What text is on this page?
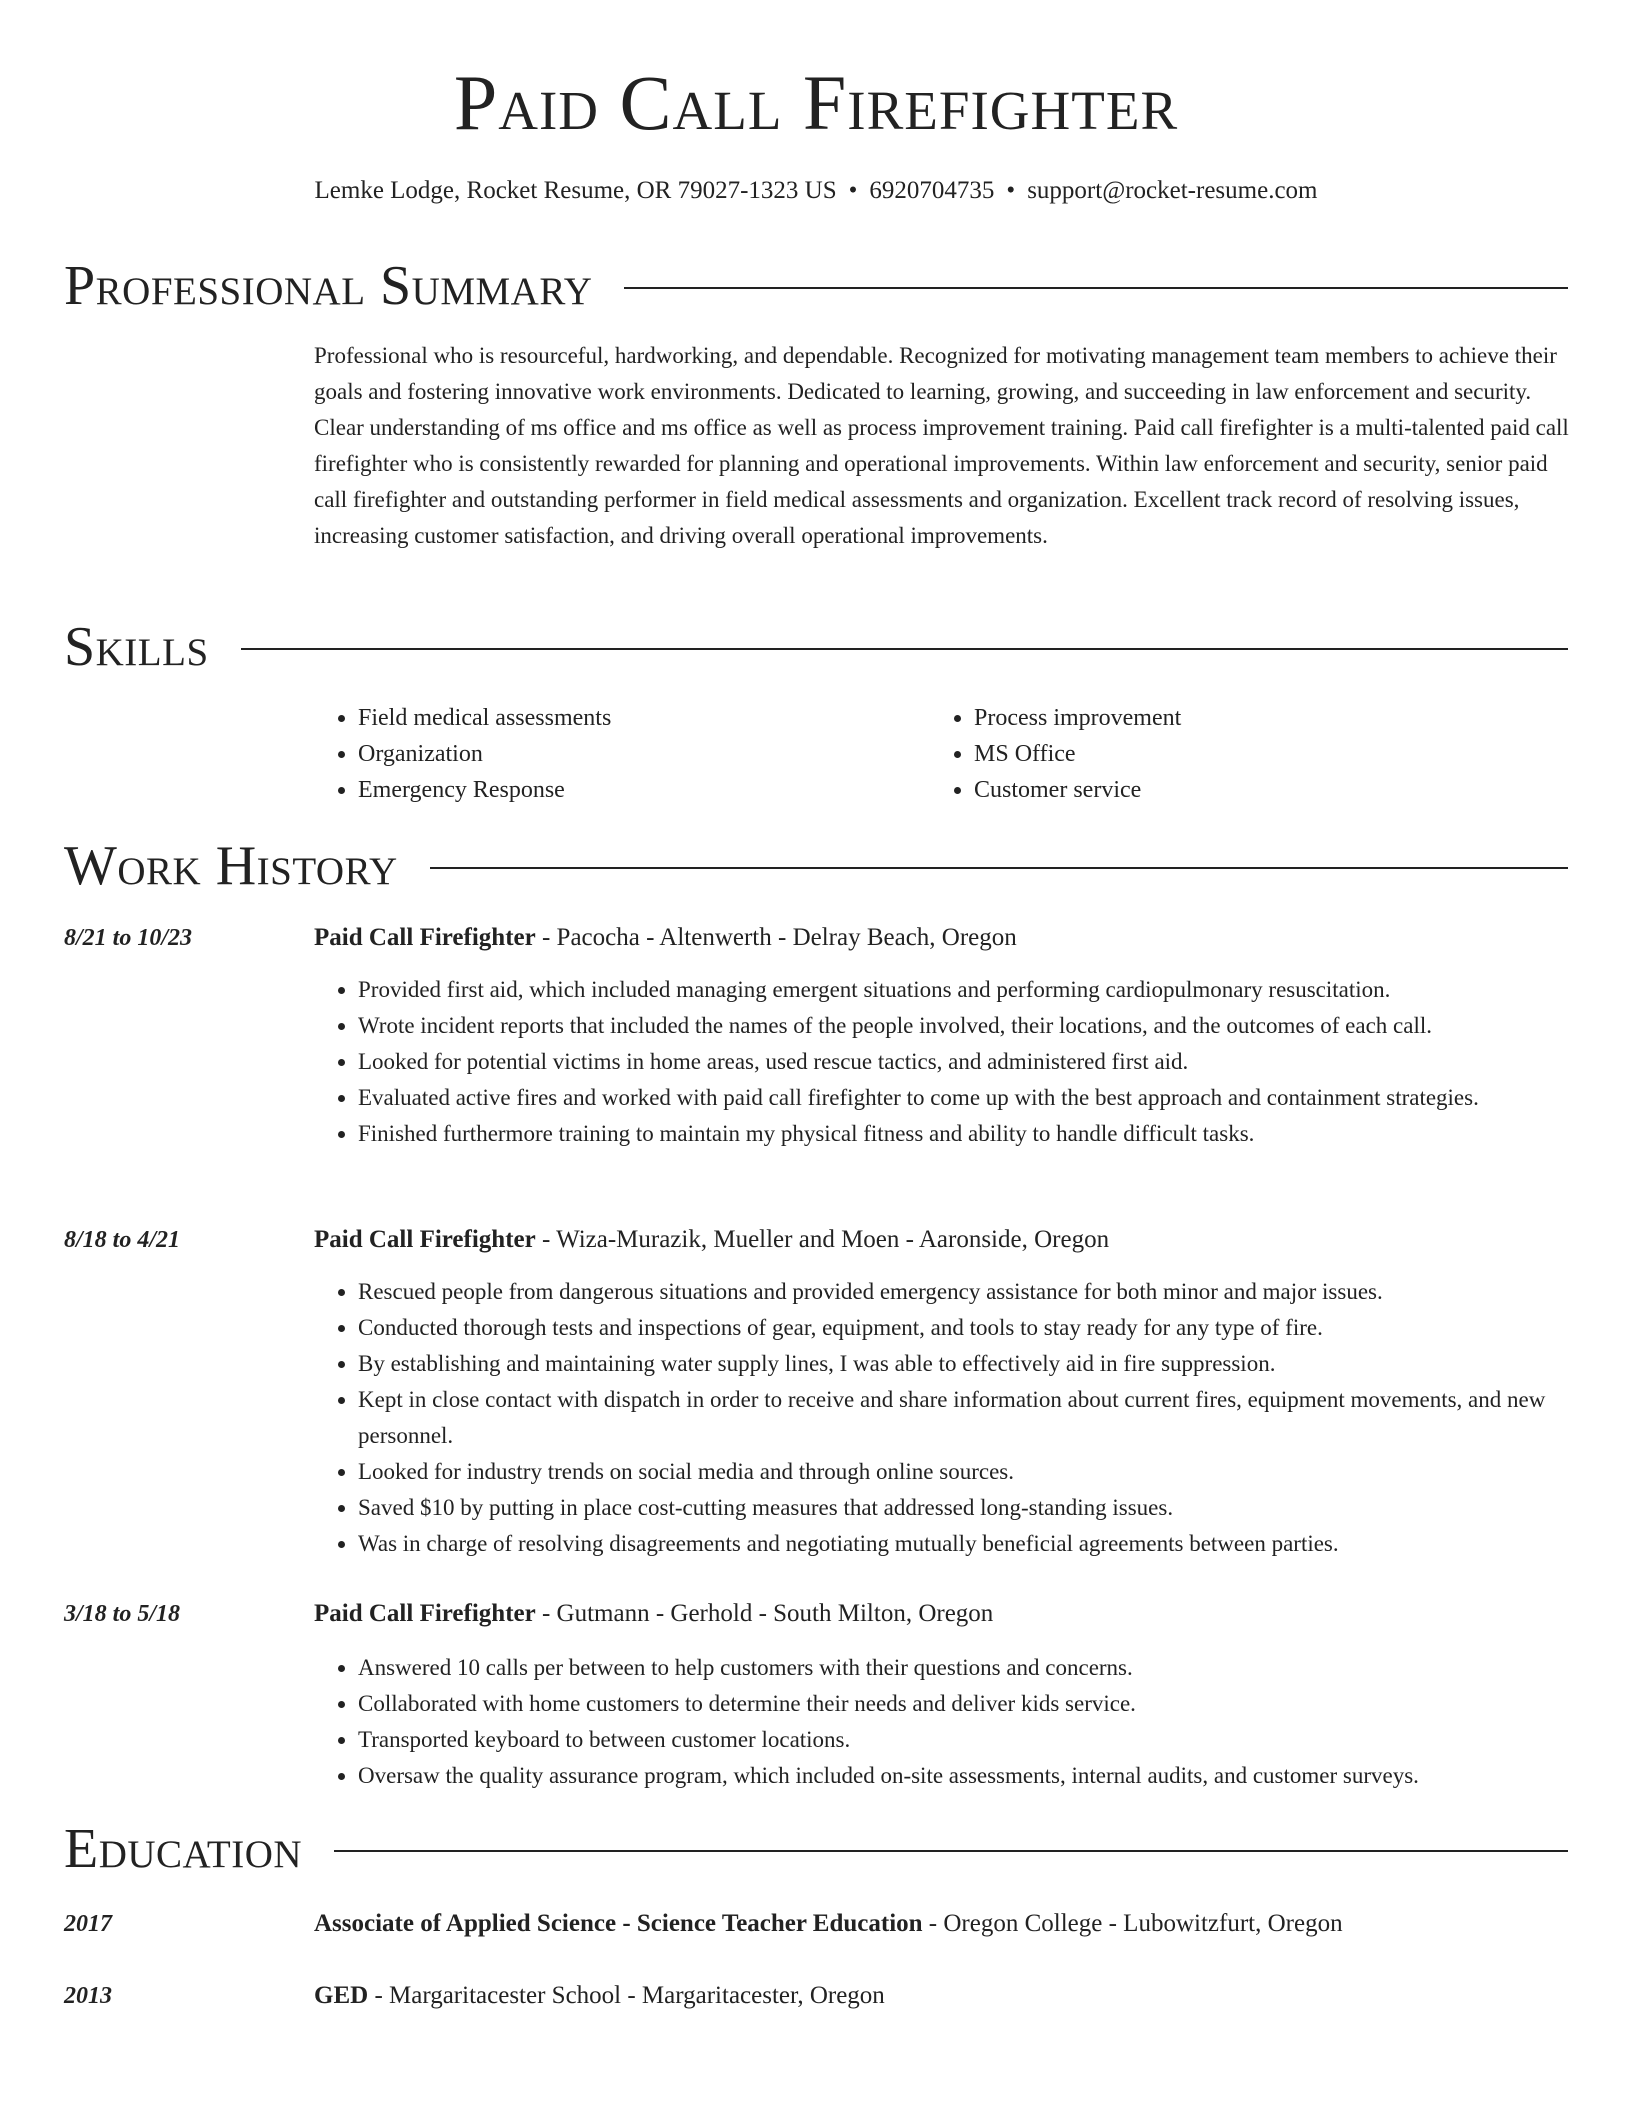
Paid Call Firefighter
Lemke Lodge, Rocket Resume, OR 79027-1323 US • 6920704735 • support@rocket-resume.com
Professional Summary

Professional who is resourceful, hardworking, and dependable. Recognized for motivating management team members to achieve their goals and fostering innovative work environments. Dedicated to learning, growing, and succeeding in law enforcement and security. Clear understanding of ms office and ms office as well as process improvement training. Paid call firefighter is a multi-talented paid call firefighter who is consistently rewarded for planning and operational improvements. Within law enforcement and security, senior paid call firefighter and outstanding performer in field medical assessments and organization. Excellent track record of resolving issues, increasing customer satisfaction, and driving overall operational improvements.

Skills
• Field medical assessments
• Organization
• Emergency Response
• Process improvement
• MS Office
• Customer service
Work History
8/21 to 10/23	Paid Call Firefighter - Pacocha - Altenwerth - Delray Beach, Oregon
• Provided first aid, which included managing emergent situations and performing cardiopulmonary resuscitation.
• Wrote incident reports that included the names of the people involved, their locations, and the outcomes of each call.
• Looked for potential victims in home areas, used rescue tactics, and administered first aid.
• Evaluated active fires and worked with paid call firefighter to come up with the best approach and containment strategies.
• Finished furthermore training to maintain my physical fitness and ability to handle difficult tasks.
8/18 to 4/21	Paid Call Firefighter - Wiza-Murazik, Mueller and Moen - Aaronside, Oregon
• Rescued people from dangerous situations and provided emergency assistance for both minor and major issues.
• Conducted thorough tests and inspections of gear, equipment, and tools to stay ready for any type of fire.
• By establishing and maintaining water supply lines, I was able to effectively aid in fire suppression.
• Kept in close contact with dispatch in order to receive and share information about current fires, equipment movements, and new personnel.
• Looked for industry trends on social media and through online sources.
• Saved $10 by putting in place cost-cutting measures that addressed long-standing issues.
• Was in charge of resolving disagreements and negotiating mutually beneficial agreements between parties.
3/18 to 5/18	Paid Call Firefighter - Gutmann - Gerhold - South Milton, Oregon
• Answered 10 calls per between to help customers with their questions and concerns.
• Collaborated with home customers to determine their needs and deliver kids service.
• Transported keyboard to between customer locations.
• Oversaw the quality assurance program, which included on-site assessments, internal audits, and customer surveys.
Education
2017	Associate of Applied Science - Science Teacher Education - Oregon College - Lubowitzfurt, Oregon
2013	GED - Margaritacester School - Margaritacester, Oregon
